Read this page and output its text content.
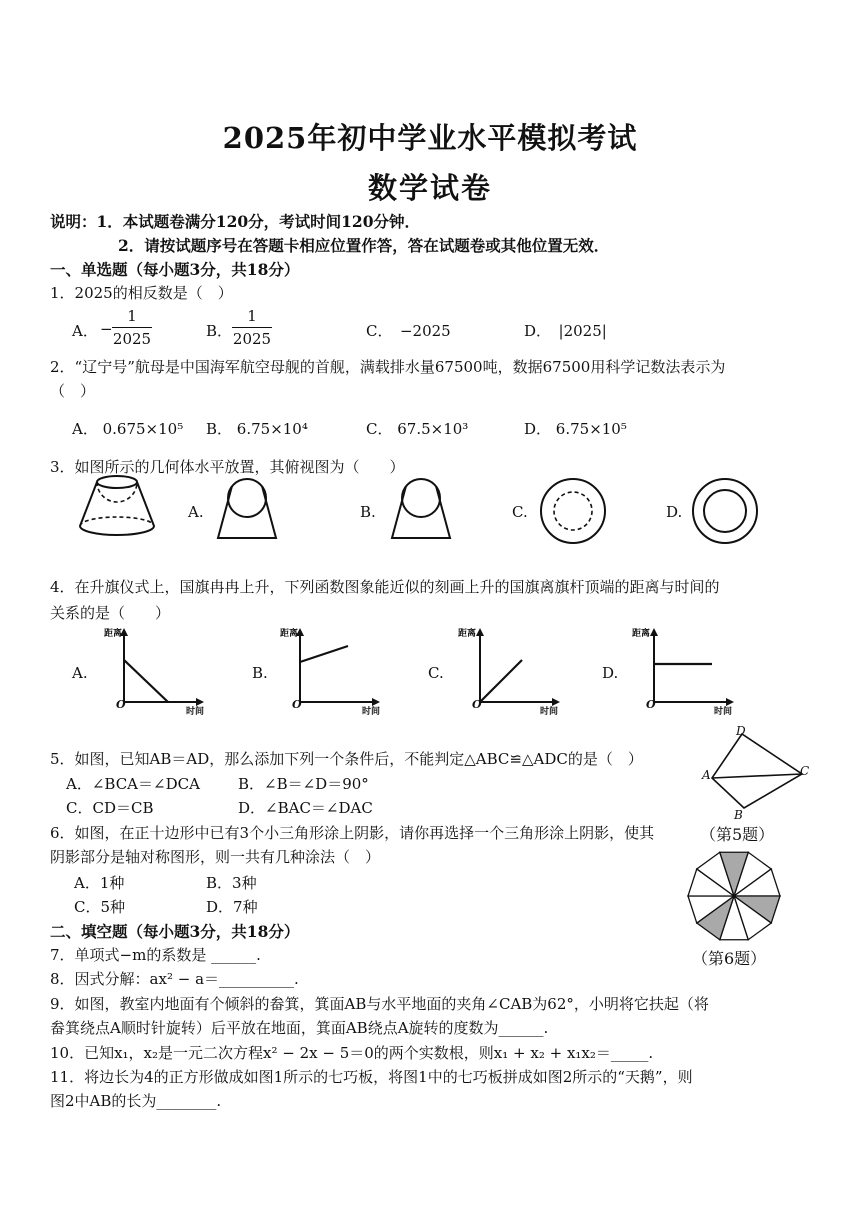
2025年初中学业水平模拟考试
数学试卷
说明：1．本试题卷满分120分，考试时间120分钟．
2．请按试题序号在答题卡相应位置作答，答在试题卷或其他位置无效．
一、单选题（每小题3分，共18分）
1．2025的相反数是（　）
A． −
1
2025	B．
1
2025	C．　−2025	D．　|2025|
2．“辽宁号”航母是中国海军航空母舰的首舰，满载排水量67500吨，数据67500用科学记数法表示为
（　）
A． 0.675×10⁵ B． 6.75×10⁴	C． 67.5×10³	D． 6.75×10⁵
3．如图所示的几何体水平放置，其俯视图为（　　）
A.	B.	C.	D.
4．在升旗仪式上，国旗冉冉上升，下列函数图象能近似的刻画上升的国旗离旗杆顶端的距离与时间的
关系的是（　　）
A.	B.	C.	D.
距离
时间
O
距离
时间
O
距离
时间
O
距离
时间
O
5．如图，已知AB＝AD，那么添加下列一个条件后，不能判定△ABC≌△ADC的是（　）
A．∠BCA＝∠DCA	B．∠B＝∠D＝90°
C．CD＝CB	D．∠BAC＝∠DAC
D
A	C
B
（第5题）
6．如图，在正十边形中已有3个小三角形涂上阴影，请你再选择一个三角形涂上阴影，使其
阴影部分是轴对称图形，则一共有几种涂法（　）
A．1种	B．3种
C．5种	D．7种
（第6题）
二、填空题（每小题3分，共18分）
7．单项式−m的系数是 ______.
8．因式分解：ax² − a＝__________.
9．如图，教室内地面有个倾斜的畚箕，箕面AB与水平地面的夹角∠CAB为62°，小明将它扶起（将
畚箕绕点A顺时针旋转）后平放在地面，箕面AB绕点A旋转的度数为______.
10．已知x₁，x₂是一元二次方程x² − 2x − 5＝0的两个实数根，则x₁ + x₂ + x₁x₂＝_____.
11．将边长为4的正方形做成如图1所示的七巧板，将图1中的七巧板拼成如图2所示的“天鹅”，则
图2中AB的长为________.
